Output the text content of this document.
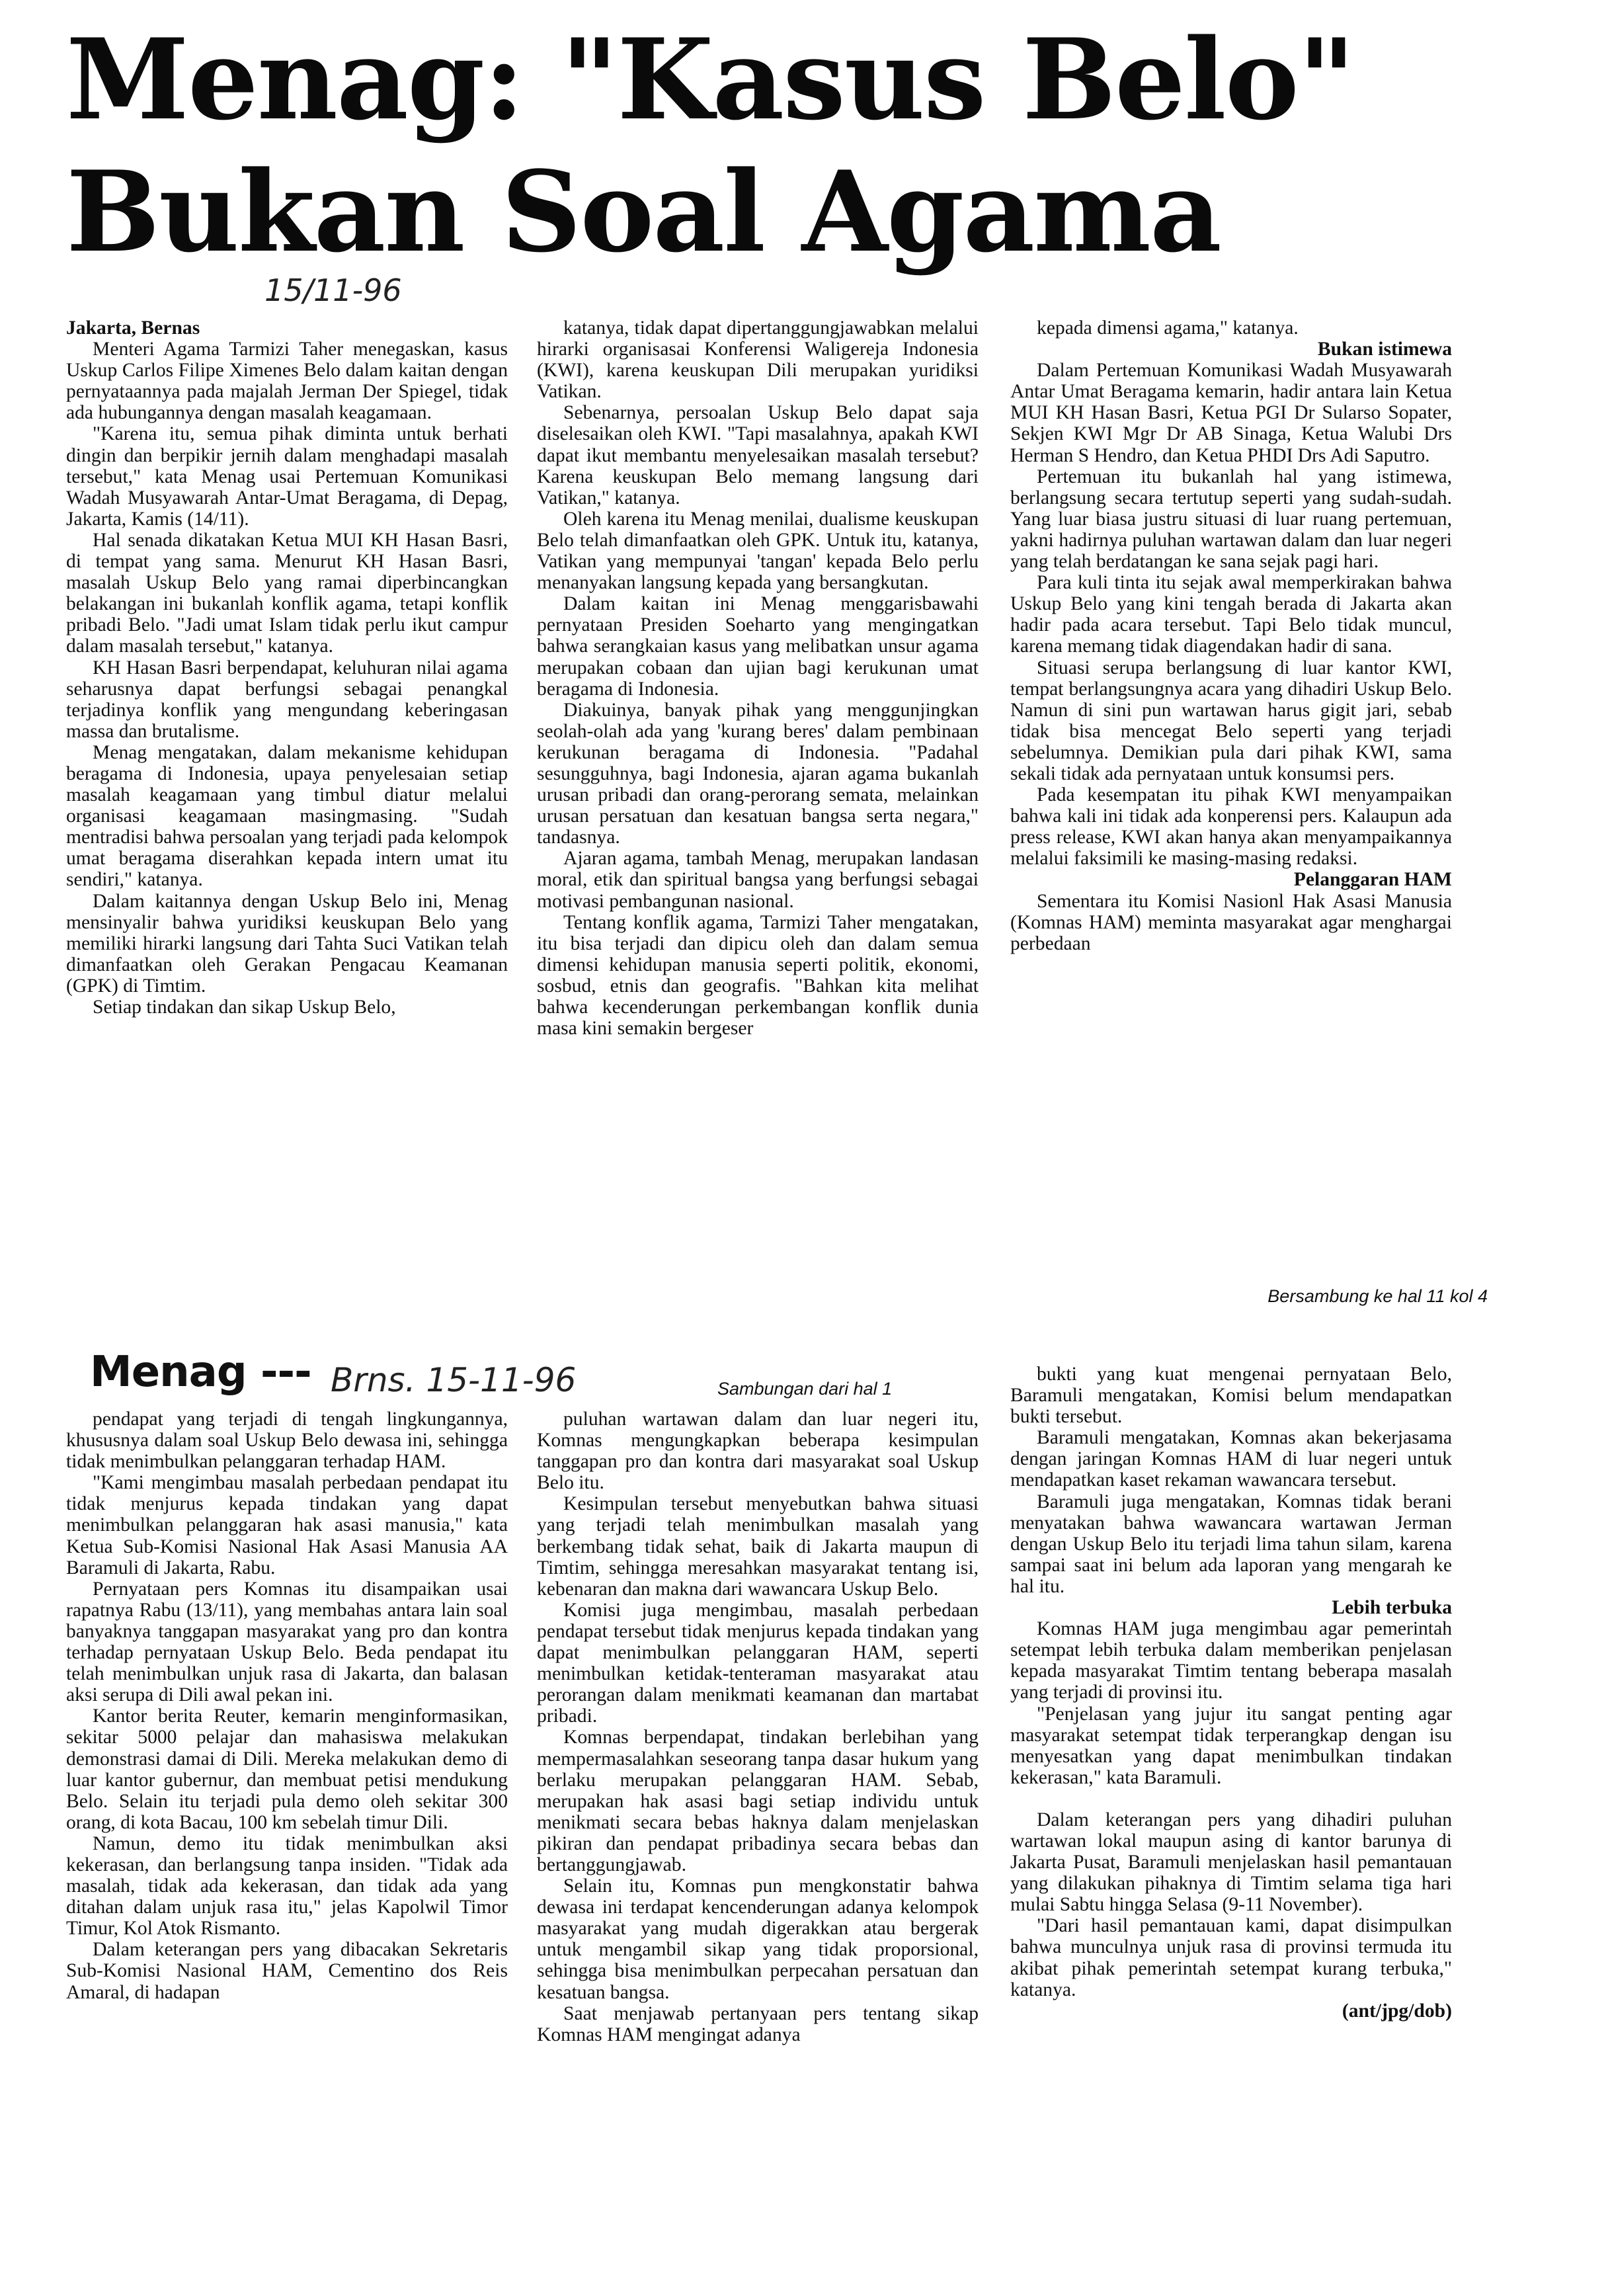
Menag: "Kasus Belo"
Bukan Soal Agama
15/11-96

Jakarta, Bernas

Menteri Agama Tarmizi Taher menegaskan, kasus Uskup Carlos Filipe Ximenes Belo dalam kaitan dengan pernyataannya pada majalah Jerman Der Spiegel, tidak ada hubungannya dengan masalah keagamaan.

"Karena itu, semua pihak diminta untuk berhati dingin dan berpikir jernih dalam menghadapi masalah tersebut," kata Menag usai Pertemuan Komunikasi Wadah Musyawarah Antar-Umat Beragama, di Depag, Jakarta, Kamis (14/11).

Hal senada dikatakan Ketua MUI KH Hasan Basri, di tempat yang sama. Menurut KH Hasan Basri, masalah Uskup Belo yang ramai diperbincangkan belakangan ini bukanlah konflik agama, tetapi konflik pribadi Belo. "Jadi umat Islam tidak perlu ikut campur dalam masalah tersebut," katanya.

KH Hasan Basri berpendapat, keluhuran nilai agama seharusnya dapat berfungsi sebagai penangkal terjadinya konflik yang mengundang keberingasan massa dan brutalisme.

Menag mengatakan, dalam mekanisme kehidupan beragama di Indonesia, upaya penyelesaian setiap masalah keagamaan yang timbul diatur melalui organisasi keagamaan masingmasing. "Sudah mentradisi bahwa persoalan yang terjadi pada kelompok umat beragama diserahkan kepada intern umat itu sendiri," katanya.

Dalam kaitannya dengan Uskup Belo ini, Menag mensinyalir bahwa yuridiksi keuskupan Belo yang memiliki hirarki langsung dari Tahta Suci Vatikan telah dimanfaatkan oleh Gerakan Pengacau Keamanan (GPK) di Timtim.

Setiap tindakan dan sikap Uskup Belo,

katanya, tidak dapat dipertanggungjawabkan melalui hirarki organisasai Konferensi Waligereja Indonesia (KWI), karena keuskupan Dili merupakan yuridiksi Vatikan.

Sebenarnya, persoalan Uskup Belo dapat saja diselesaikan oleh KWI. "Tapi masalahnya, apakah KWI dapat ikut membantu menyelesaikan masalah tersebut? Karena keuskupan Belo memang langsung dari Vatikan," katanya.

Oleh karena itu Menag menilai, dualisme keuskupan Belo telah dimanfaatkan oleh GPK. Untuk itu, katanya, Vatikan yang mempunyai 'tangan' kepada Belo perlu menanyakan langsung kepada yang bersangkutan.

Dalam kaitan ini Menag menggarisbawahi pernyataan Presiden Soeharto yang mengingatkan bahwa serangkaian kasus yang melibatkan unsur agama merupakan cobaan dan ujian bagi kerukunan umat beragama di Indonesia.

Diakuinya, banyak pihak yang menggunjingkan seolah-olah ada yang 'kurang beres' dalam pembinaan kerukunan beragama di Indonesia. "Padahal sesungguhnya, bagi Indonesia, ajaran agama bukanlah urusan pribadi dan orang-perorang semata, melainkan urusan persatuan dan kesatuan bangsa serta negara," tandasnya.

Ajaran agama, tambah Menag, merupakan landasan moral, etik dan spiritual bangsa yang berfungsi sebagai motivasi pembangunan nasional.

Tentang konflik agama, Tarmizi Taher mengatakan, itu bisa terjadi dan dipicu oleh dan dalam semua dimensi kehidupan manusia seperti politik, ekonomi, sosbud, etnis dan geografis. "Bahkan kita melihat bahwa kecenderungan perkembangan konflik dunia masa kini semakin bergeser

kepada dimensi agama," katanya.

Bukan istimewa

Dalam Pertemuan Komunikasi Wadah Musyawarah Antar Umat Beragama kemarin, hadir antara lain Ketua MUI KH Hasan Basri, Ketua PGI Dr Sularso Sopater, Sekjen KWI Mgr Dr AB Sinaga, Ketua Walubi Drs Herman S Hendro, dan Ketua PHDI Drs Adi Saputro.

Pertemuan itu bukanlah hal yang istimewa, berlangsung secara tertutup seperti yang sudah-sudah. Yang luar biasa justru situasi di luar ruang pertemuan, yakni hadirnya puluhan wartawan dalam dan luar negeri yang telah berdatangan ke sana sejak pagi hari.

Para kuli tinta itu sejak awal memperkirakan bahwa Uskup Belo yang kini tengah berada di Jakarta akan hadir pada acara tersebut. Tapi Belo tidak muncul, karena memang tidak diagendakan hadir di sana.

Situasi serupa berlangsung di luar kantor KWI, tempat berlangsungnya acara yang dihadiri Uskup Belo. Namun di sini pun wartawan harus gigit jari, sebab tidak bisa mencegat Belo seperti yang terjadi sebelumnya. Demikian pula dari pihak KWI, sama sekali tidak ada pernyataan untuk konsumsi pers.

Pada kesempatan itu pihak KWI menyampaikan bahwa kali ini tidak ada konperensi pers. Kalaupun ada press release, KWI akan hanya akan menyampaikannya melalui faksimili ke masing-masing redaksi.

Pelanggaran HAM

Sementara itu Komisi Nasionl Hak Asasi Manusia (Komnas HAM) meminta masyarakat agar menghargai perbedaan

Bersambung ke hal 11 kol 4
Menag --- Brns. 15-11-96	Sambungan dari hal 1

pendapat yang terjadi di tengah lingkungannya, khususnya dalam soal Uskup Belo dewasa ini, sehingga tidak menimbulkan pelanggaran terhadap HAM.

"Kami mengimbau masalah perbedaan pendapat itu tidak menjurus kepada tindakan yang dapat menimbulkan pelanggaran hak asasi manusia," kata Ketua Sub-Komisi Nasional Hak Asasi Manusia AA Baramuli di Jakarta, Rabu.

Pernyataan pers Komnas itu disampaikan usai rapatnya Rabu (13/11), yang membahas antara lain soal banyaknya tanggapan masyarakat yang pro dan kontra terhadap pernyataan Uskup Belo. Beda pendapat itu telah menimbulkan unjuk rasa di Jakarta, dan balasan aksi serupa di Dili awal pekan ini.

Kantor berita Reuter, kemarin menginformasikan, sekitar 5000 pelajar dan mahasiswa melakukan demonstrasi damai di Dili. Mereka melakukan demo di luar kantor gubernur, dan membuat petisi mendukung Belo. Selain itu terjadi pula demo oleh sekitar 300 orang, di kota Bacau, 100 km sebelah timur Dili.

Namun, demo itu tidak menimbulkan aksi kekerasan, dan berlangsung tanpa insiden. "Tidak ada masalah, tidak ada kekerasan, dan tidak ada yang ditahan dalam unjuk rasa itu," jelas Kapolwil Timor Timur, Kol Atok Rismanto.

Dalam keterangan pers yang dibacakan Sekretaris Sub-Komisi Nasional HAM, Cementino dos Reis Amaral, di hadapan

puluhan wartawan dalam dan luar negeri itu, Komnas mengungkapkan beberapa kesimpulan tanggapan pro dan kontra dari masyarakat soal Uskup Belo itu.

Kesimpulan tersebut menyebutkan bahwa situasi yang terjadi telah menimbulkan masalah yang berkembang tidak sehat, baik di Jakarta maupun di Timtim, sehingga meresahkan masyarakat tentang isi, kebenaran dan makna dari wawancara Uskup Belo.

Komisi juga mengimbau, masalah perbedaan pendapat tersebut tidak menjurus kepada tindakan yang dapat menimbulkan pelanggaran HAM, seperti menimbulkan ketidak-tenteraman masyarakat atau perorangan dalam menikmati keamanan dan martabat pribadi.

Komnas berpendapat, tindakan berlebihan yang mempermasalahkan seseorang tanpa dasar hukum yang berlaku merupakan pelanggaran HAM. Sebab, merupakan hak asasi bagi setiap individu untuk menikmati secara bebas haknya dalam menjelaskan pikiran dan pendapat pribadinya secara bebas dan bertanggungjawab.

Selain itu, Komnas pun mengkonstatir bahwa dewasa ini terdapat kencenderungan adanya kelompok masyarakat yang mudah digerakkan atau bergerak untuk mengambil sikap yang tidak proporsional, sehingga bisa menimbulkan perpecahan persatuan dan kesatuan bangsa.

Saat menjawab pertanyaan pers tentang sikap Komnas HAM mengingat adanya

bukti yang kuat mengenai pernyataan Belo, Baramuli mengatakan, Komisi belum mendapatkan bukti tersebut.

Baramuli mengatakan, Komnas akan bekerjasama dengan jaringan Komnas HAM di luar negeri untuk mendapatkan kaset rekaman wawancara tersebut.

Baramuli juga mengatakan, Komnas tidak berani menyatakan bahwa wawancara wartawan Jerman dengan Uskup Belo itu terjadi lima tahun silam, karena sampai saat ini belum ada laporan yang mengarah ke hal itu.

Lebih terbuka

Komnas HAM juga mengimbau agar pemerintah setempat lebih terbuka dalam memberikan penjelasan kepada masyarakat Timtim tentang beberapa masalah yang terjadi di provinsi itu.

"Penjelasan yang jujur itu sangat penting agar masyarakat setempat tidak terperangkap dengan isu menyesatkan yang dapat menimbulkan tindakan kekerasan," kata Baramuli.

Dalam keterangan pers yang dihadiri puluhan wartawan lokal maupun asing di kantor barunya di Jakarta Pusat, Baramuli menjelaskan hasil pemantauan yang dilakukan pihaknya di Timtim selama tiga hari mulai Sabtu hingga Selasa (9-11 November).

"Dari hasil pemantauan kami, dapat disimpulkan bahwa munculnya unjuk rasa di provinsi termuda itu akibat pihak pemerintah setempat kurang terbuka," katanya.

(ant/jpg/dob)
